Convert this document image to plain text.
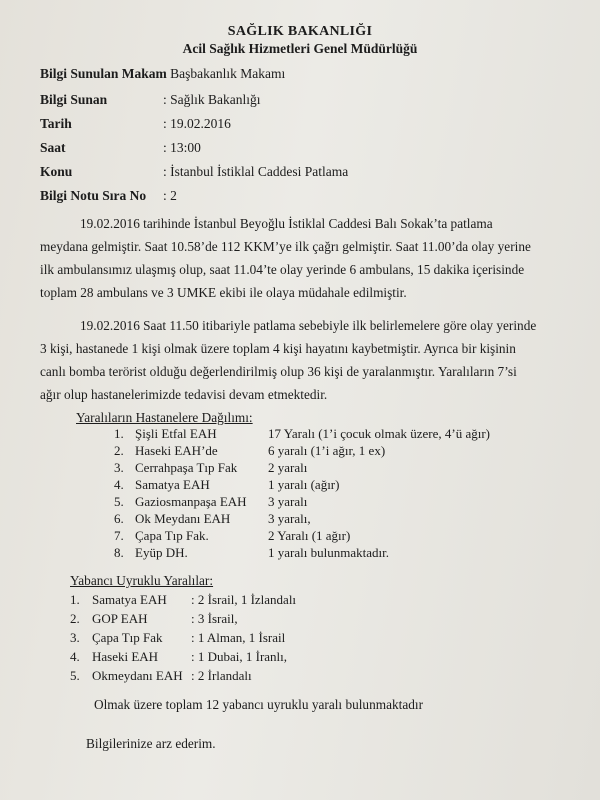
SAĞLIK BAKANLIĞI
Acil Sağlık Hizmetleri Genel Müdürlüğü
Bilgi Sunulan Makam
: Başbakanlık Makamı
Bilgi Sunan	: Sağlık Bakanlığı
Tarih	: 19.02.2016
Saat	: 13:00
Konu	: İstanbul İstiklal Caddesi Patlama
Bilgi Notu Sıra No : 2
19.02.2016 tarihinde İstanbul Beyoğlu İstiklal Caddesi Balı Sokak’ta patlama
meydana gelmiştir. Saat 10.58’de 112 KKM’ye ilk çağrı gelmiştir. Saat 11.00’da olay yerine
ilk ambulansımız ulaşmış olup, saat 11.04’te olay yerinde 6 ambulans, 15 dakika içerisinde
toplam 28 ambulans ve 3 UMKE ekibi ile olaya müdahale edilmiştir.
19.02.2016 Saat 11.50 itibariyle patlama sebebiyle ilk belirlemelere göre olay yerinde
3 kişi, hastanede 1 kişi olmak üzere toplam 4 kişi hayatını kaybetmiştir. Ayrıca bir kişinin
canlı bomba terörist olduğu değerlendirilmiş olup 36 kişi de yaralanmıştır. Yaralıların 7’si
ağır olup hastanelerimizde tedavisi devam etmektedir.
Yaralıların Hastanelere Dağılımı:
1. Şişli Etfal EAH	17 Yaralı (1’i çocuk olmak üzere, 4’ü ağır)
2. Haseki EAH’de	6 yaralı (1’i ağır, 1 ex)
3. Cerrahpaşa Tıp Fak 2 yaralı
4. Samatya EAH	1 yaralı (ağır)
5. Gaziosmanpaşa EAH 3 yaralı
6. Ok Meydanı EAH	3 yaralı,
7. Çapa Tıp Fak.	2 Yaralı (1 ağır)
8. Eyüp DH.	1 yaralı bulunmaktadır.
Yabancı Uyruklu Yaralılar:
1. Samatya EAH : 2 İsrail, 1 İzlandalı
2. GOP EAH	: 3 İsrail,
3. Çapa Tıp Fak : 1 Alman, 1 İsrail
4. Haseki EAH	: 1 Dubai, 1 İranlı,
5. Okmeydanı EAH : 2 İrlandalı
Olmak üzere toplam 12 yabancı uyruklu yaralı bulunmaktadır
Bilgilerinize arz ederim.
